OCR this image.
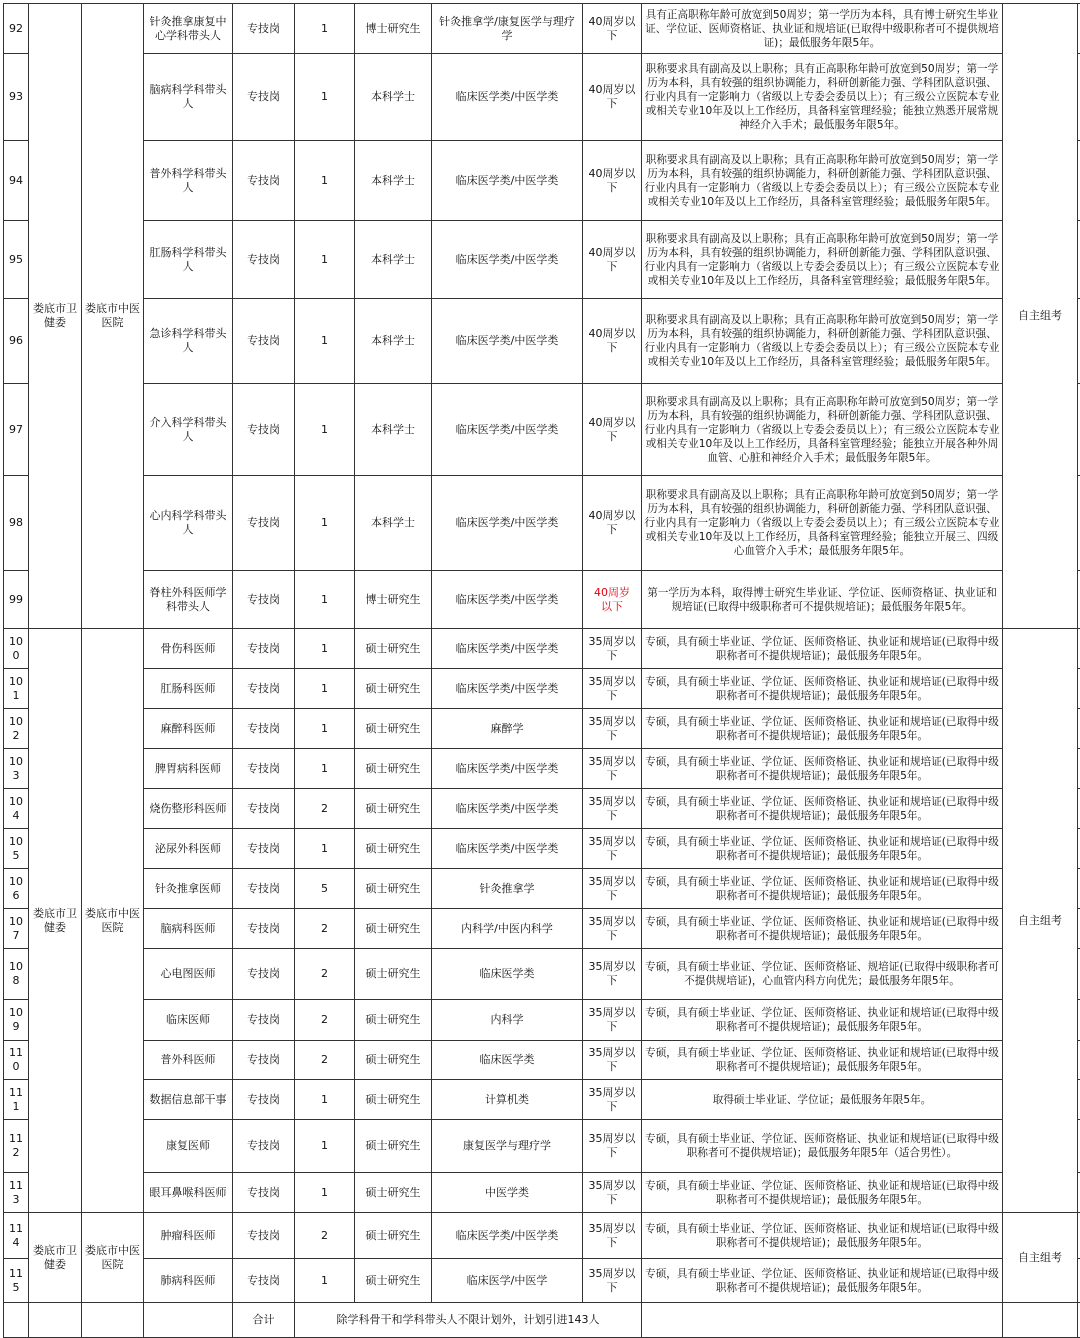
92	娄底市卫健委	娄底市中医医院	针灸推拿康复中心学科带头人	专技岗	1	博士研究生	针灸推拿学/康复医学与理疗学	40周岁以下	具有正高职称年龄可放宽到50周岁；第一学历为本科，具有博士研究生毕业证、学位证、医师资格证、执业证和规培证(已取得中级职称者可不提供规培证)；最低服务年限5年。	自主组考	
93			脑病科学科带头人	专技岗	1	本科学士	临床医学类/中医学类	40周岁以下	职称要求具有副高及以上职称；具有正高职称年龄可放宽到50周岁；第一学历为本科，具有较强的组织协调能力，科研创新能力强、学科团队意识强、行业内具有一定影响力（省级以上专委会委员以上）；有三级公立医院本专业或相关专业10年及以上工作经历，具备科室管理经验；能独立熟悉开展常规神经介入手术；最低服务年限5年。		
94			普外科学科带头人	专技岗	1	本科学士	临床医学类/中医学类	40周岁以下	职称要求具有副高及以上职称；具有正高职称年龄可放宽到50周岁；第一学历为本科，具有较强的组织协调能力，科研创新能力强、学科团队意识强、行业内具有一定影响力（省级以上专委会委员以上）；有三级公立医院本专业或相关专业10年及以上工作经历，具备科室管理经验；最低服务年限5年。		
95			肛肠科学科带头人	专技岗	1	本科学士	临床医学类/中医学类	40周岁以下	职称要求具有副高及以上职称；具有正高职称年龄可放宽到50周岁；第一学历为本科，具有较强的组织协调能力，科研创新能力强、学科团队意识强、行业内具有一定影响力（省级以上专委会委员以上）；有三级公立医院本专业或相关专业10年及以上工作经历，具备科室管理经验；最低服务年限5年。		
96			急诊科学科带头人	专技岗	1	本科学士	临床医学类/中医学类	40周岁以下	职称要求具有副高及以上职称；具有正高职称年龄可放宽到50周岁；第一学历为本科，具有较强的组织协调能力，科研创新能力强、学科团队意识强、行业内具有一定影响力（省级以上专委会委员以上）；有三级公立医院本专业或相关专业10年及以上工作经历，具备科室管理经验；最低服务年限5年。		
97			介入科学科带头人	专技岗	1	本科学士	临床医学类/中医学类	40周岁以下	职称要求具有副高及以上职称；具有正高职称年龄可放宽到50周岁；第一学历为本科，具有较强的组织协调能力，科研创新能力强、学科团队意识强、行业内具有一定影响力（省级以上专委会委员以上）；有三级公立医院本专业或相关专业10年及以上工作经历，具备科室管理经验；能独立开展各种外周血管、心脏和神经介入手术；最低服务年限5年。		
98			心内科学科带头人	专技岗	1	本科学士	临床医学类/中医学类	40周岁以下	职称要求具有副高及以上职称；具有正高职称年龄可放宽到50周岁；第一学历为本科，具有较强的组织协调能力，科研创新能力强、学科团队意识强、行业内具有一定影响力（省级以上专委会委员以上）；有三级公立医院本专业或相关专业10年及以上工作经历，具备科室管理经验；能独立开展三、四级心血管介入手术；最低服务年限5年。		
99			脊柱外科医师学科带头人	专技岗	1	博士研究生	临床医学类/中医学类	40周岁　以下	第一学历为本科，取得博士研究生毕业证、学位证、医师资格证、执业证和规培证(已取得中级职称者可不提供规培证)；最低服务年限5年。		
100	娄底市卫健委	娄底市中医医院	骨伤科医师	专技岗	1	硕士研究生	临床医学类/中医学类	35周岁以下	专硕，具有硕士毕业证、学位证、医师资格证、执业证和规培证(已取得中级职称者可不提供规培证)；最低服务年限5年。	自主组考	
101			肛肠科医师	专技岗	1	硕士研究生	临床医学类/中医学类	35周岁以下	专硕，具有硕士毕业证、学位证、医师资格证、执业证和规培证(已取得中级职称者可不提供规培证)；最低服务年限5年。		
102			麻醉科医师	专技岗	1	硕士研究生	麻醉学	35周岁以下	专硕，具有硕士毕业证、学位证、医师资格证、执业证和规培证(已取得中级职称者可不提供规培证)；最低服务年限5年。		
103			脾胃病科医师	专技岗	1	硕士研究生	临床医学类/中医学类	35周岁以下	专硕，具有硕士毕业证、学位证、医师资格证、执业证和规培证(已取得中级职称者可不提供规培证)；最低服务年限5年。		
104			烧伤整形科医师	专技岗	2	硕士研究生	临床医学类/中医学类	35周岁以下	专硕，具有硕士毕业证、学位证、医师资格证、执业证和规培证(已取得中级职称者可不提供规培证)；最低服务年限5年。		
105			泌尿外科医师	专技岗	1	硕士研究生	临床医学类/中医学类	35周岁以下	专硕，具有硕士毕业证、学位证、医师资格证、执业证和规培证(已取得中级职称者可不提供规培证)；最低服务年限5年。		
106			针灸推拿医师	专技岗	5	硕士研究生	针灸推拿学	35周岁以下	专硕，具有硕士毕业证、学位证、医师资格证、执业证和规培证(已取得中级职称者可不提供规培证)；最低服务年限5年。		
107			脑病科医师	专技岗	2	硕士研究生	内科学/中医内科学	35周岁以下	专硕，具有硕士毕业证、学位证、医师资格证、执业证和规培证(已取得中级职称者可不提供规培证)；最低服务年限5年。		
108			心电图医师	专技岗	2	硕士研究生	临床医学类	35周岁以下	专硕，具有硕士毕业证、学位证、医师资格证、规培证(已取得中级职称者可不提供规培证)，心血管内科方向优先；最低服务年限5年。		
109			临床医师	专技岗	2	硕士研究生	内科学	35周岁以下	专硕，具有硕士毕业证、学位证、医师资格证、执业证和规培证(已取得中级职称者可不提供规培证)；最低服务年限5年。		
110			普外科医师	专技岗	2	硕士研究生	临床医学类	35周岁以下	专硕，具有硕士毕业证、学位证、医师资格证、执业证和规培证(已取得中级职称者可不提供规培证)；最低服务年限5年。		
111			数据信息部干事	专技岗	1	硕士研究生	计算机类	35周岁以下	取得硕士毕业证、学位证；最低服务年限5年。		
112			康复医师	专技岗	1	硕士研究生	康复医学与理疗学	35周岁以下	专硕，具有硕士毕业证、学位证、医师资格证、执业证和规培证(已取得中级职称者可不提供规培证)；最低服务年限5年（适合男性）。		
113			眼耳鼻喉科医师	专技岗	1	硕士研究生	中医学类	35周岁以下	专硕，具有硕士毕业证、学位证、医师资格证、执业证和规培证(已取得中级职称者可不提供规培证)；最低服务年限5年。		
114	娄底市卫健委	娄底市中医医院	肿瘤科医师	专技岗	2	硕士研究生	临床医学类/中医学类	35周岁以下	专硕，具有硕士毕业证、学位证、医师资格证、执业证和规培证(已取得中级职称者可不提供规培证)；最低服务年限5年。	自主组考	
115			肺病科医师	专技岗	1	硕士研究生	临床医学/中医学	35周岁以下	专硕，具有硕士毕业证、学位证、医师资格证、执业证和规培证(已取得中级职称者可不提供规培证)；最低服务年限5年。		
				合计	除学科骨干和学科带头人不限计划外，计划引进143人						
